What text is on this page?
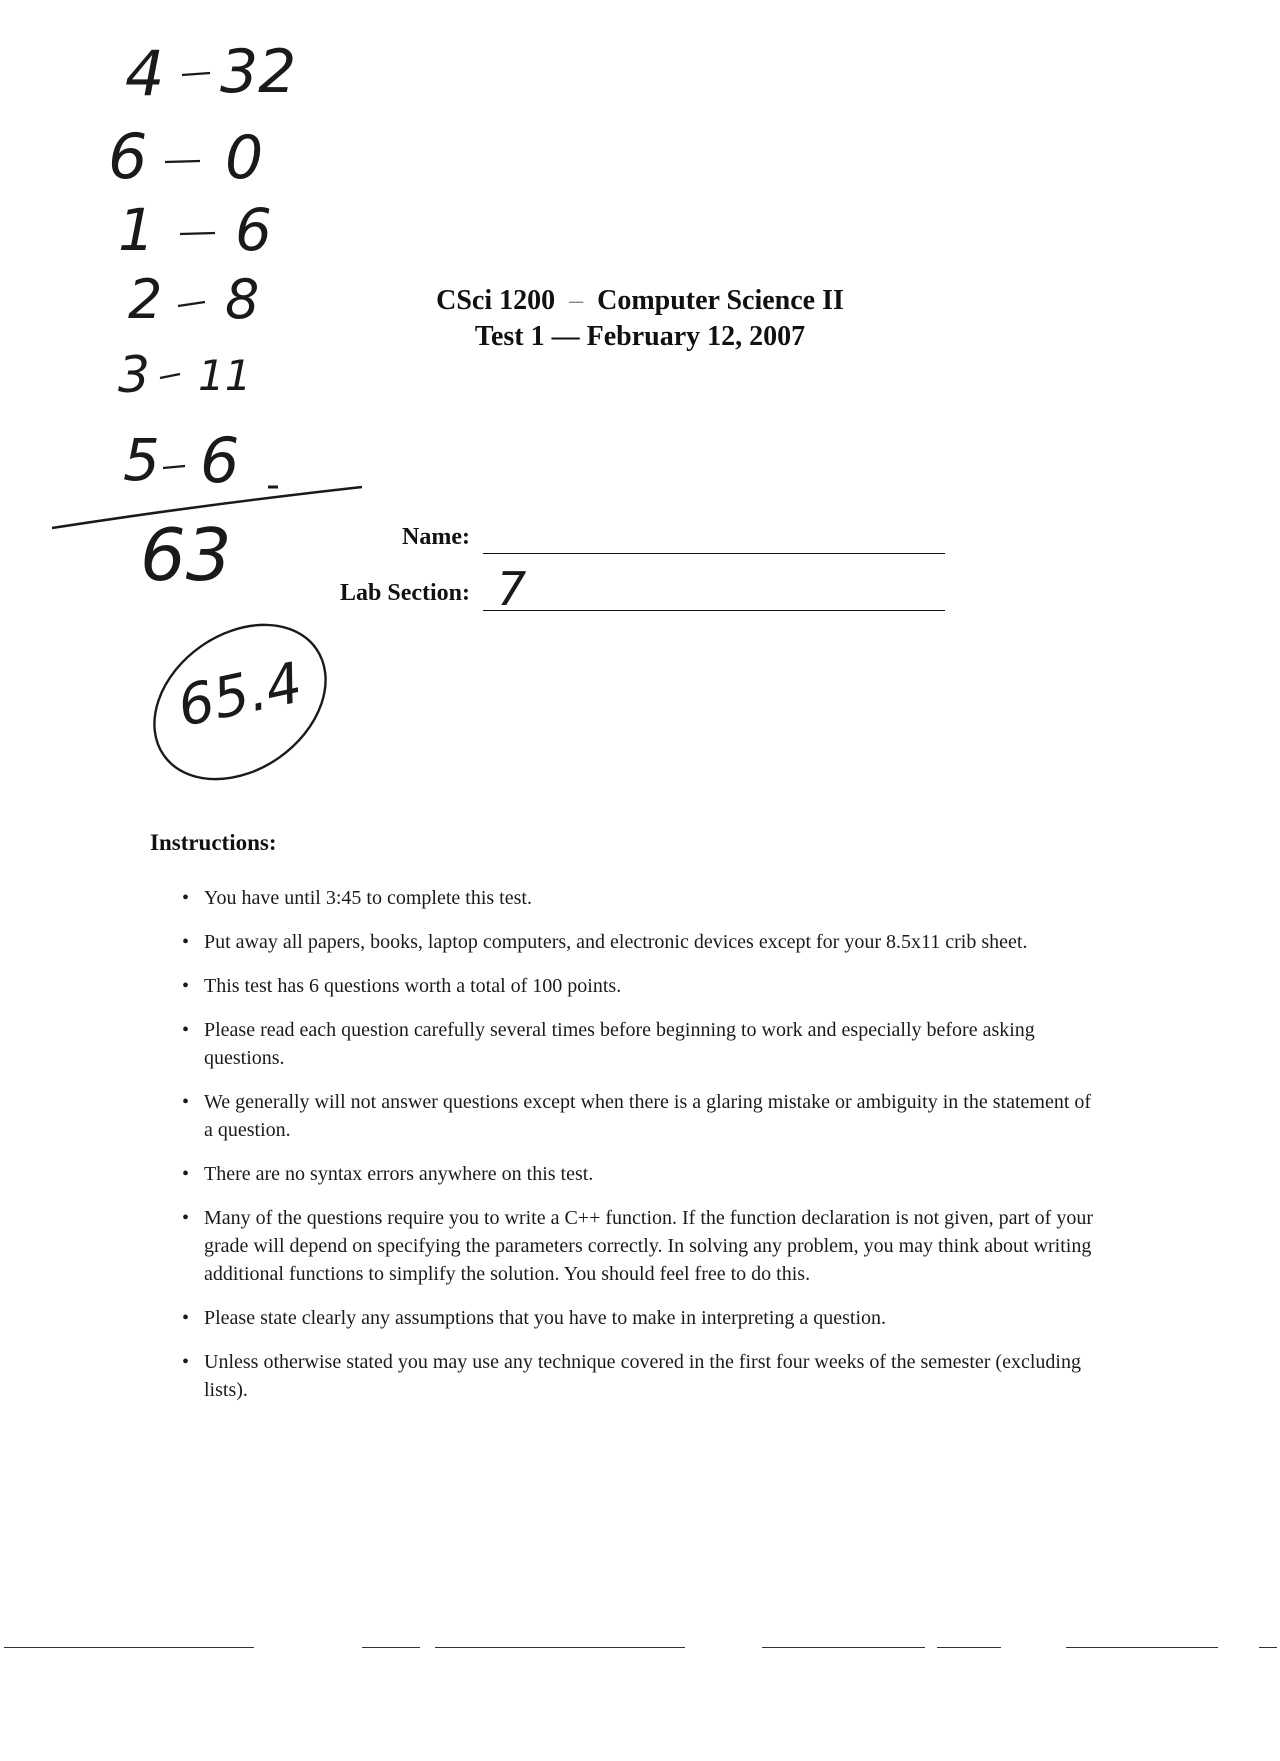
4
6
1
2
3
5
32
0
6
8
11
6
63
65.4
CSci 1200 – Computer Science II
Test 1 — February 12, 2007
Name:
Lab Section: 7
Instructions:
• You have until 3:45 to complete this test.
• Put away all papers, books, laptop computers, and electronic devices except for your 8.5x11 crib sheet.
• This test has 6 questions worth a total of 100 points.
• Please read each question carefully several times before beginning to work and especially before asking questions.
• We generally will not answer questions except when there is a glaring mistake or ambiguity in the statement of a question.
• There are no syntax errors anywhere on this test.
• Many of the questions require you to write a C++ function. If the function declaration is not given, part of your grade will depend on specifying the parameters correctly. In solving any problem, you may think about writing additional functions to simplify the solution. You should feel free to do this.
• Please state clearly any assumptions that you have to make in interpreting a question.
• Unless otherwise stated you may use any technique covered in the first four weeks of the semester (excluding lists).
